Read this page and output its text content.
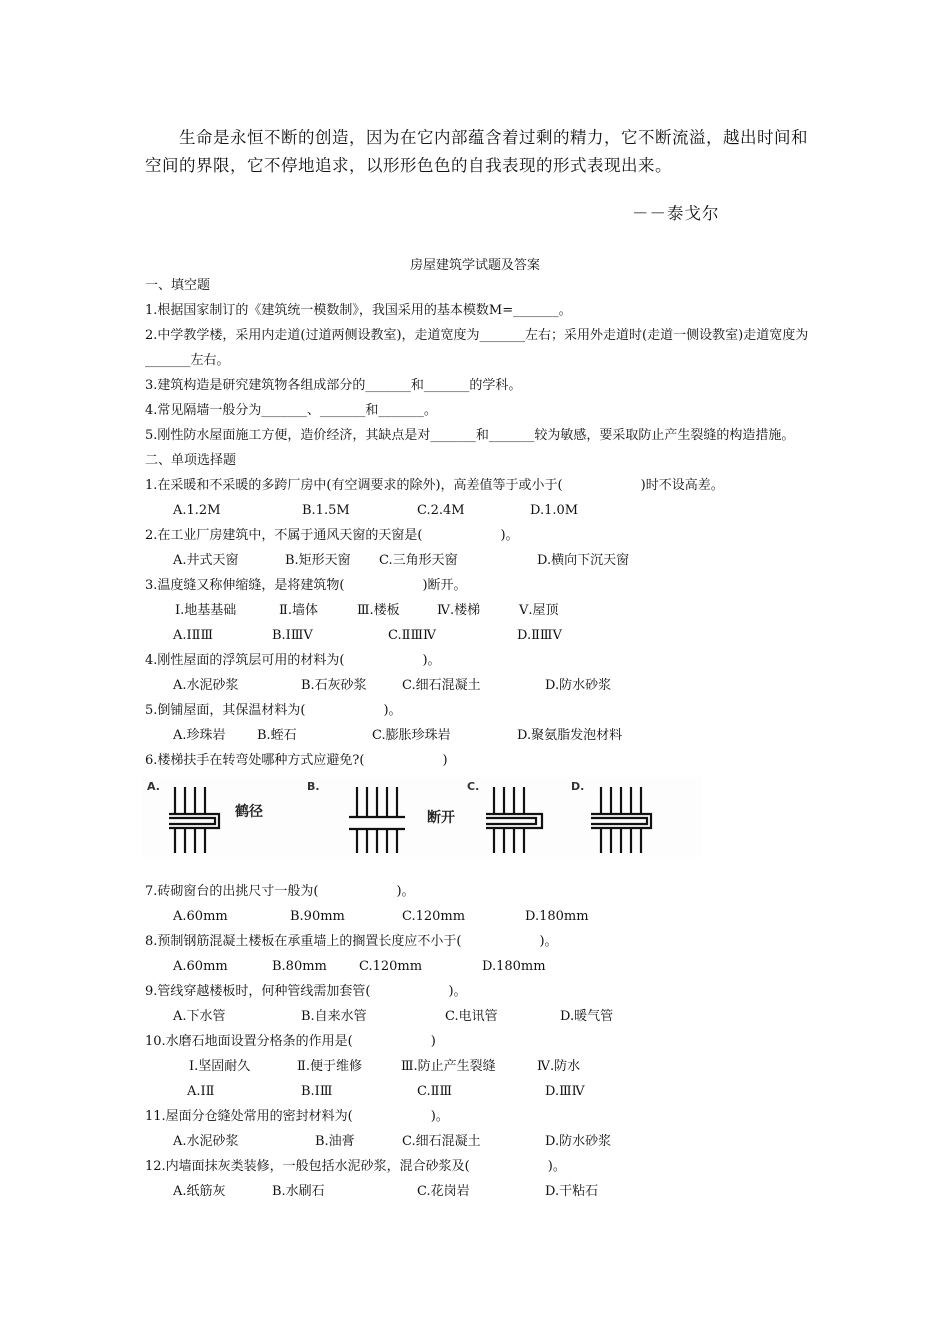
生命是永恒不断的创造，因为在它内部蕴含着过剩的精力，它不断流溢，越出时间和空间的界限，它不停地追求，以形形色色的自我表现的形式表现出来。
－－泰戈尔
房屋建筑学试题及答案
一、填空题
1.根据国家制订的《建筑统一模数制》，我国采用的基本模数M=_______。
2.中学教学楼，采用内走道(过道两侧设教室)，走道宽度为_______左右；采用外走道时(走道一侧设教室)走道宽度为_______左右。
3.建筑构造是研究建筑物各组成部分的_______和_______的学科。
4.常见隔墙一般分为_______、_______和_______。
5.刚性防水屋面施工方便，造价经济，其缺点是对_______和_______较为敏感，要采取防止产生裂缝的构造措施。
二、单项选择题
1.在采暖和不采暖的多跨厂房中(有空调要求的除外)，高差值等于或小于(　　　　　　)时不设高差。
A.1.2M	B.1.5M	C.2.4M	D.1.0M
2.在工业厂房建筑中，不属于通风天窗的天窗是(　　　　　　)。
A.井式天窗	B.矩形天窗 C.三角形天窗	D.横向下沉天窗
3.温度缝又称伸缩缝，是将建筑物(　　　　　　)断开。
Ⅰ.地基基础	Ⅱ.墙体	Ⅲ.楼板	Ⅳ.楼梯	Ⅴ.屋顶
A.ⅠⅡⅢ	B.ⅠⅢⅤ	C.ⅡⅢⅣ	D.ⅡⅢⅤ
4.刚性屋面的浮筑层可用的材料为(　　　　　　)。
A.水泥砂浆	B.石灰砂浆	C.细石混凝土	D.防水砂浆
5.倒铺屋面，其保温材料为(　　　　　　)。
A.珍珠岩 B.蛭石	C.膨胀珍珠岩	D.聚氨脂发泡材料
6.楼梯扶手在转弯处哪种方式应避免?(　　　　　　)
A.	B.	C.	D.
鹤径	断开
7.砖砌窗台的出挑尺寸一般为(　　　　　　)。
A.60mm	B.90mm	C.120mm	D.180mm
8.预制钢筋混凝土楼板在承重墙上的搁置长度应不小于(　　　　　　)。
A.60mm	B.80mm C.120mm	D.180mm
9.管线穿越楼板时，何种管线需加套管(　　　　　　)。
A.下水管	B.自来水管	C.电讯管	D.暖气管
10.水磨石地面设置分格条的作用是(　　　　　　)
Ⅰ.坚固耐久	Ⅱ.便于维修	Ⅲ.防止产生裂缝	Ⅳ.防水
A.ⅠⅡ	B.ⅠⅢ	C.ⅡⅢ	D.ⅢⅣ
11.屋面分仓缝处常用的密封材料为(　　　　　　)。
A.水泥砂浆	B.油膏	C.细石混凝土	D.防水砂浆
12.内墙面抹灰类装修，一般包括水泥砂浆，混合砂浆及(　　　　　　)。
A.纸筋灰	B.水刷石	C.花岗岩	D.干粘石
